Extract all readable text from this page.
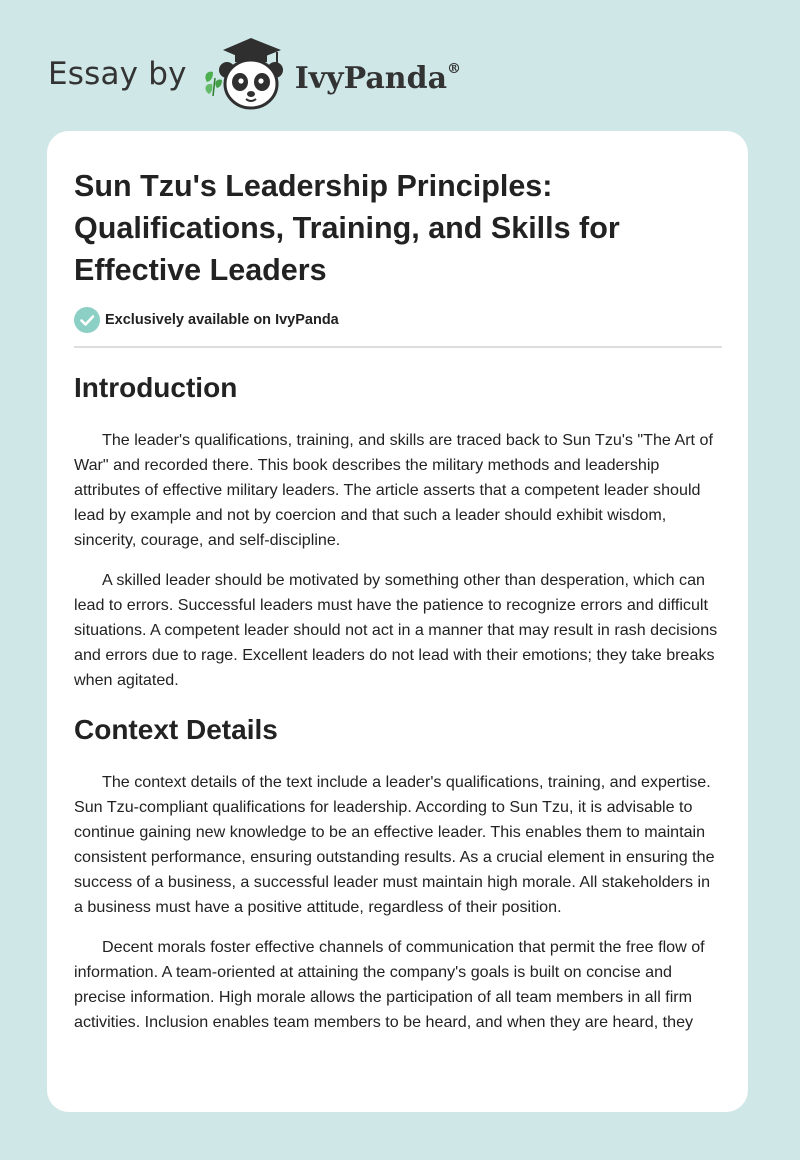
Essay by	IvyPanda®
Sun Tzu's Leadership Principles: Qualifications, Training, and Skills for Effective Leaders
Exclusively available on IvyPanda
Introduction

The leader's qualifications, training, and skills are traced back to Sun Tzu's "The Art of War" and recorded there. This book describes the military methods and leadership attributes of effective military leaders. The article asserts that a competent leader should lead by example and not by coercion and that such a leader should exhibit wisdom, sincerity, courage, and self-discipline.

A skilled leader should be motivated by something other than desperation, which can lead to errors. Successful leaders must have the patience to recognize errors and difficult situations. A competent leader should not act in a manner that may result in rash decisions and errors due to rage. Excellent leaders do not lead with their emotions; they take breaks when agitated.

Context Details

The context details of the text include a leader's qualifications, training, and expertise. Sun Tzu-compliant qualifications for leadership. According to Sun Tzu, it is advisable to continue gaining new knowledge to be an effective leader. This enables them to maintain consistent performance, ensuring outstanding results. As a crucial element in ensuring the success of a business, a successful leader must maintain high morale. All stakeholders in a business must have a positive attitude, regardless of their position.

Decent morals foster effective channels of communication that permit the free flow of information. A team-oriented at attaining the company's goals is built on concise and precise information. High morale allows the participation of all team members in all firm activities. Inclusion enables team members to be heard, and when they are heard, they
